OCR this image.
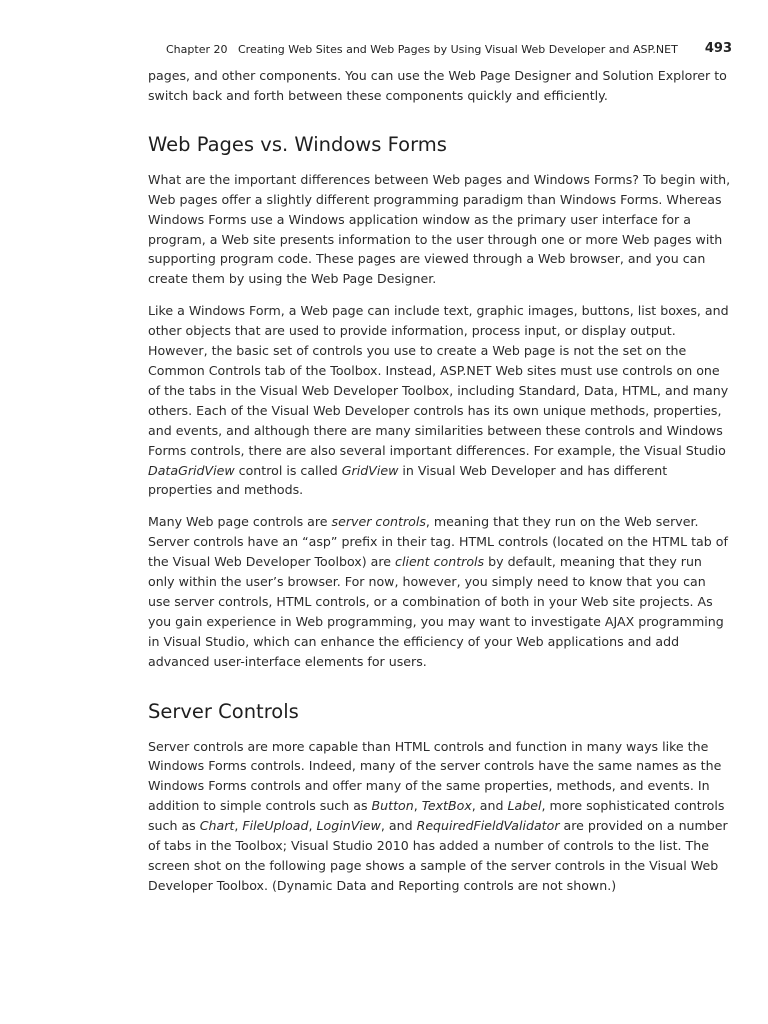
Chapter 20 Creating Web Sites and Web Pages by Using Visual Web Developer and ASP.NET 493

pages, and other components. You can use the Web Page Designer and Solution Explorer to switch back and forth between these components quickly and efficiently.

Web Pages vs. Windows Forms

What are the important differences between Web pages and Windows Forms? To begin with, Web pages offer a slightly different programming paradigm than Windows Forms. Whereas Windows Forms use a Windows application window as the primary user interface for a program, a Web site presents information to the user through one or more Web pages with supporting program code. These pages are viewed through a Web browser, and you can create them by using the Web Page Designer.

Like a Windows Form, a Web page can include text, graphic images, buttons, list boxes, and other objects that are used to provide information, process input, or display output. However, the basic set of controls you use to create a Web page is not the set on the Common Controls tab of the Toolbox. Instead, ASP.NET Web sites must use controls on one of the tabs in the Visual Web Developer Toolbox, including Standard, Data, HTML, and many others. Each of the Visual Web Developer controls has its own unique methods, properties, and events, and although there are many similarities between these controls and Windows Forms controls, there are also several important differences. For example, the Visual Studio DataGridView control is called GridView in Visual Web Developer and has different properties and methods.

Many Web page controls are server controls, meaning that they run on the Web server. Server controls have an “asp” prefix in their tag. HTML controls (located on the HTML tab of the Visual Web Developer Toolbox) are client controls by default, meaning that they run only within the user’s browser. For now, however, you simply need to know that you can use server controls, HTML controls, or a combination of both in your Web site projects. As you gain experience in Web programming, you may want to investigate AJAX programming in Visual Studio, which can enhance the efficiency of your Web applications and add advanced user-interface elements for users.

Server Controls

Server controls are more capable than HTML controls and function in many ways like the Windows Forms controls. Indeed, many of the server controls have the same names as the Windows Forms controls and offer many of the same properties, methods, and events. In addition to simple controls such as Button, TextBox, and Label, more sophisticated controls such as Chart, FileUpload, LoginView, and RequiredFieldValidator are provided on a number of tabs in the Toolbox; Visual Studio 2010 has added a number of controls to the list. The screen shot on the following page shows a sample of the server controls in the Visual Web Developer Toolbox. (Dynamic Data and Reporting controls are not shown.)
